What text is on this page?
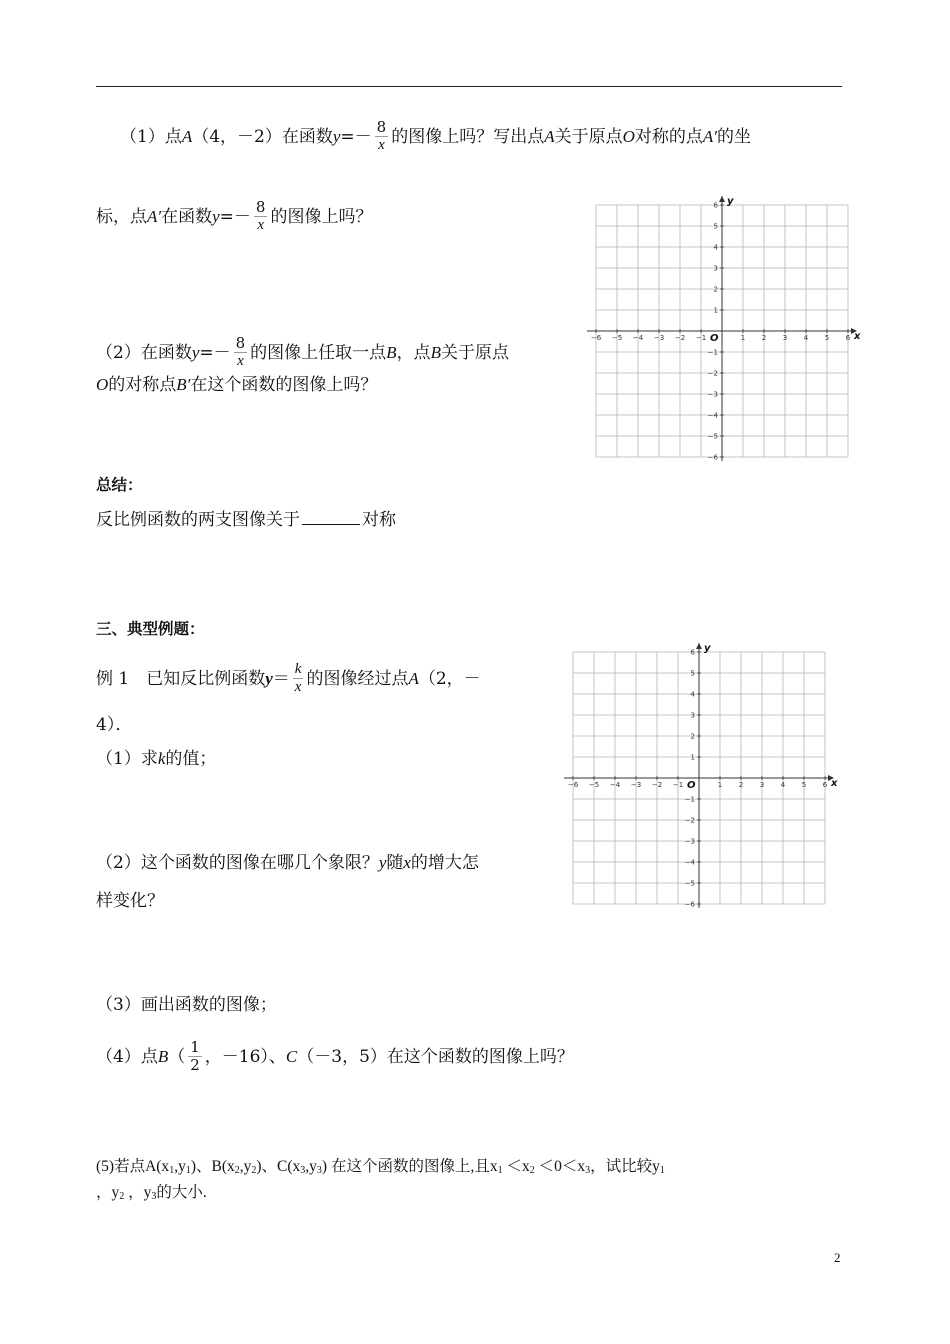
（1）点A（4，－2）在函数$y=- \frac{8}{x}$ 的图像上吗？写出点A关于原点O对称的点A′的坐
标，点A′在函数$y=- \frac{8}{x}$ 的图像上吗？
（2）在函数$y=- \frac{8}{x}$ 的图像上任取一点B，点B关于原点
O的对称点B′在这个函数的图像上吗？
−6 −5 −4 −3 −2 −1	1 2 3 4 5 6
6
5
4
3
2
1
−1
−2
−3
−4
−5
−6
x
y
O
总结：
反比例函数的两支图像关于	对称
三、典型例题：
例 1　已知反比例函数$y= \frac{k}{x}$ 的图像经过点A（2，－
4）．
（1）求k的值；
（2）这个函数的图像在哪几个象限？y随x的增大怎
样变化？
−6 −5 −4 −3 −2 −1	1 2 3 4 5 6
6
5
4
3
2
1
−1
−2
−3
−4
−5
−6
x
y
O
（3）画出函数的图像；
（4）点$B( \frac{1}{2}$ ，－16）、C（－3，5）在这个函数的图像上吗？
(5)若点$A(x_1,y_1)$、$B(x_2,y_2)$、$C(x_3,y_3)$ 在这个函数的图像上,且$x_1 <x_2 <0<x_3$，试比较$y_1$
，$y_2$ ，$y_3$的大小.
2
